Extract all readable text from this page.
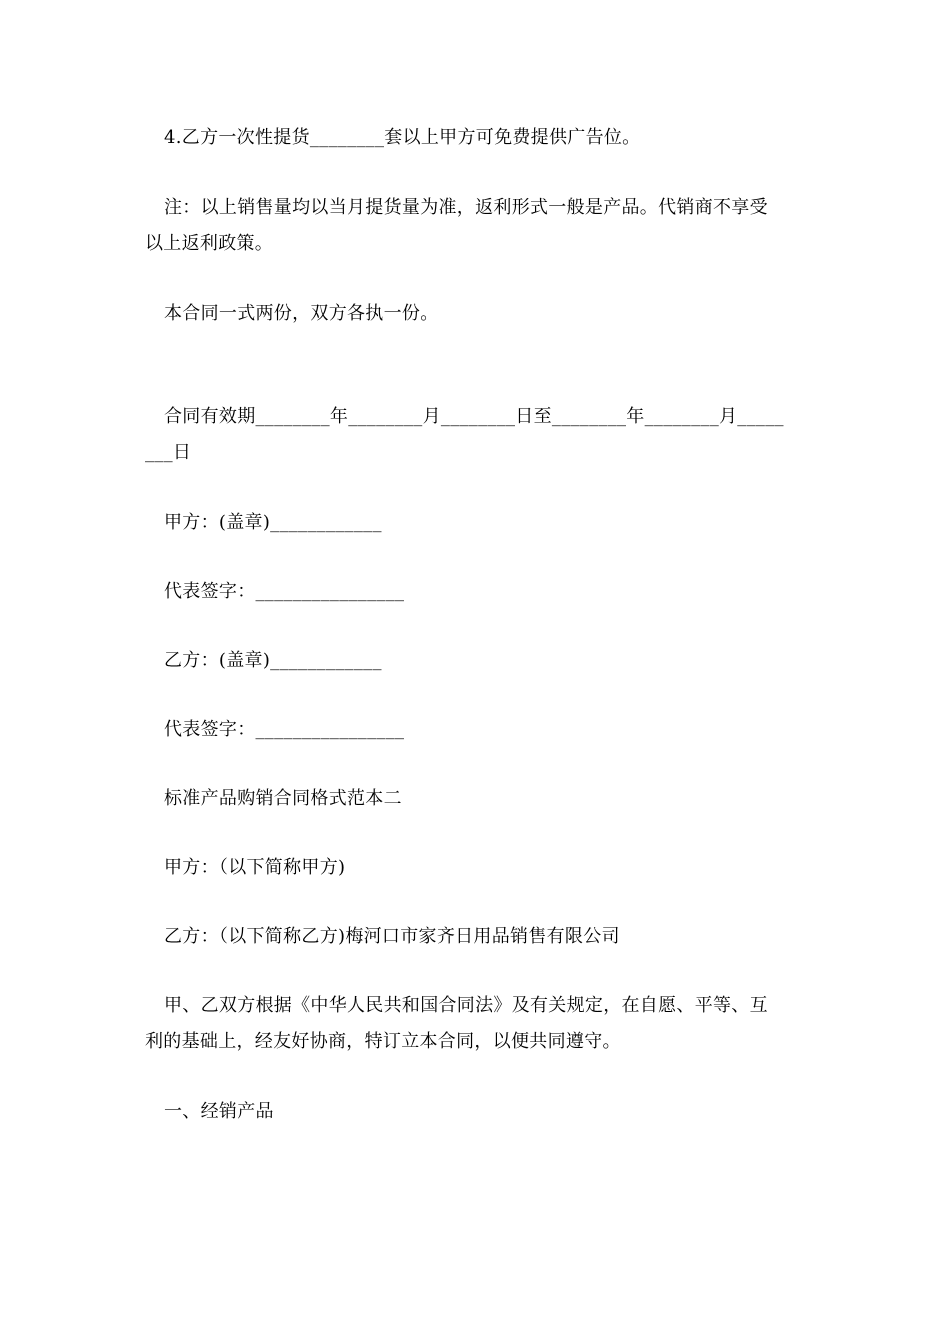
4.乙方一次性提货________套以上甲方可免费提供广告位。
注：以上销售量均以当月提货量为准，返利形式一般是产品。代销商不享受
以上返利政策。
本合同一式两份，双方各执一份。
合同有效期________年________月________日至________年________月_____
___日
甲方：(盖章)____________
代表签字：________________
乙方：(盖章)____________
代表签字：________________
标准产品购销合同格式范本二
甲方：（以下简称甲方)
乙方：（以下简称乙方)梅河口市家齐日用品销售有限公司
甲、乙双方根据《中华人民共和国合同法》及有关规定，在自愿、平等、互
利的基础上，经友好协商，特订立本合同，以便共同遵守。
一、经销产品
